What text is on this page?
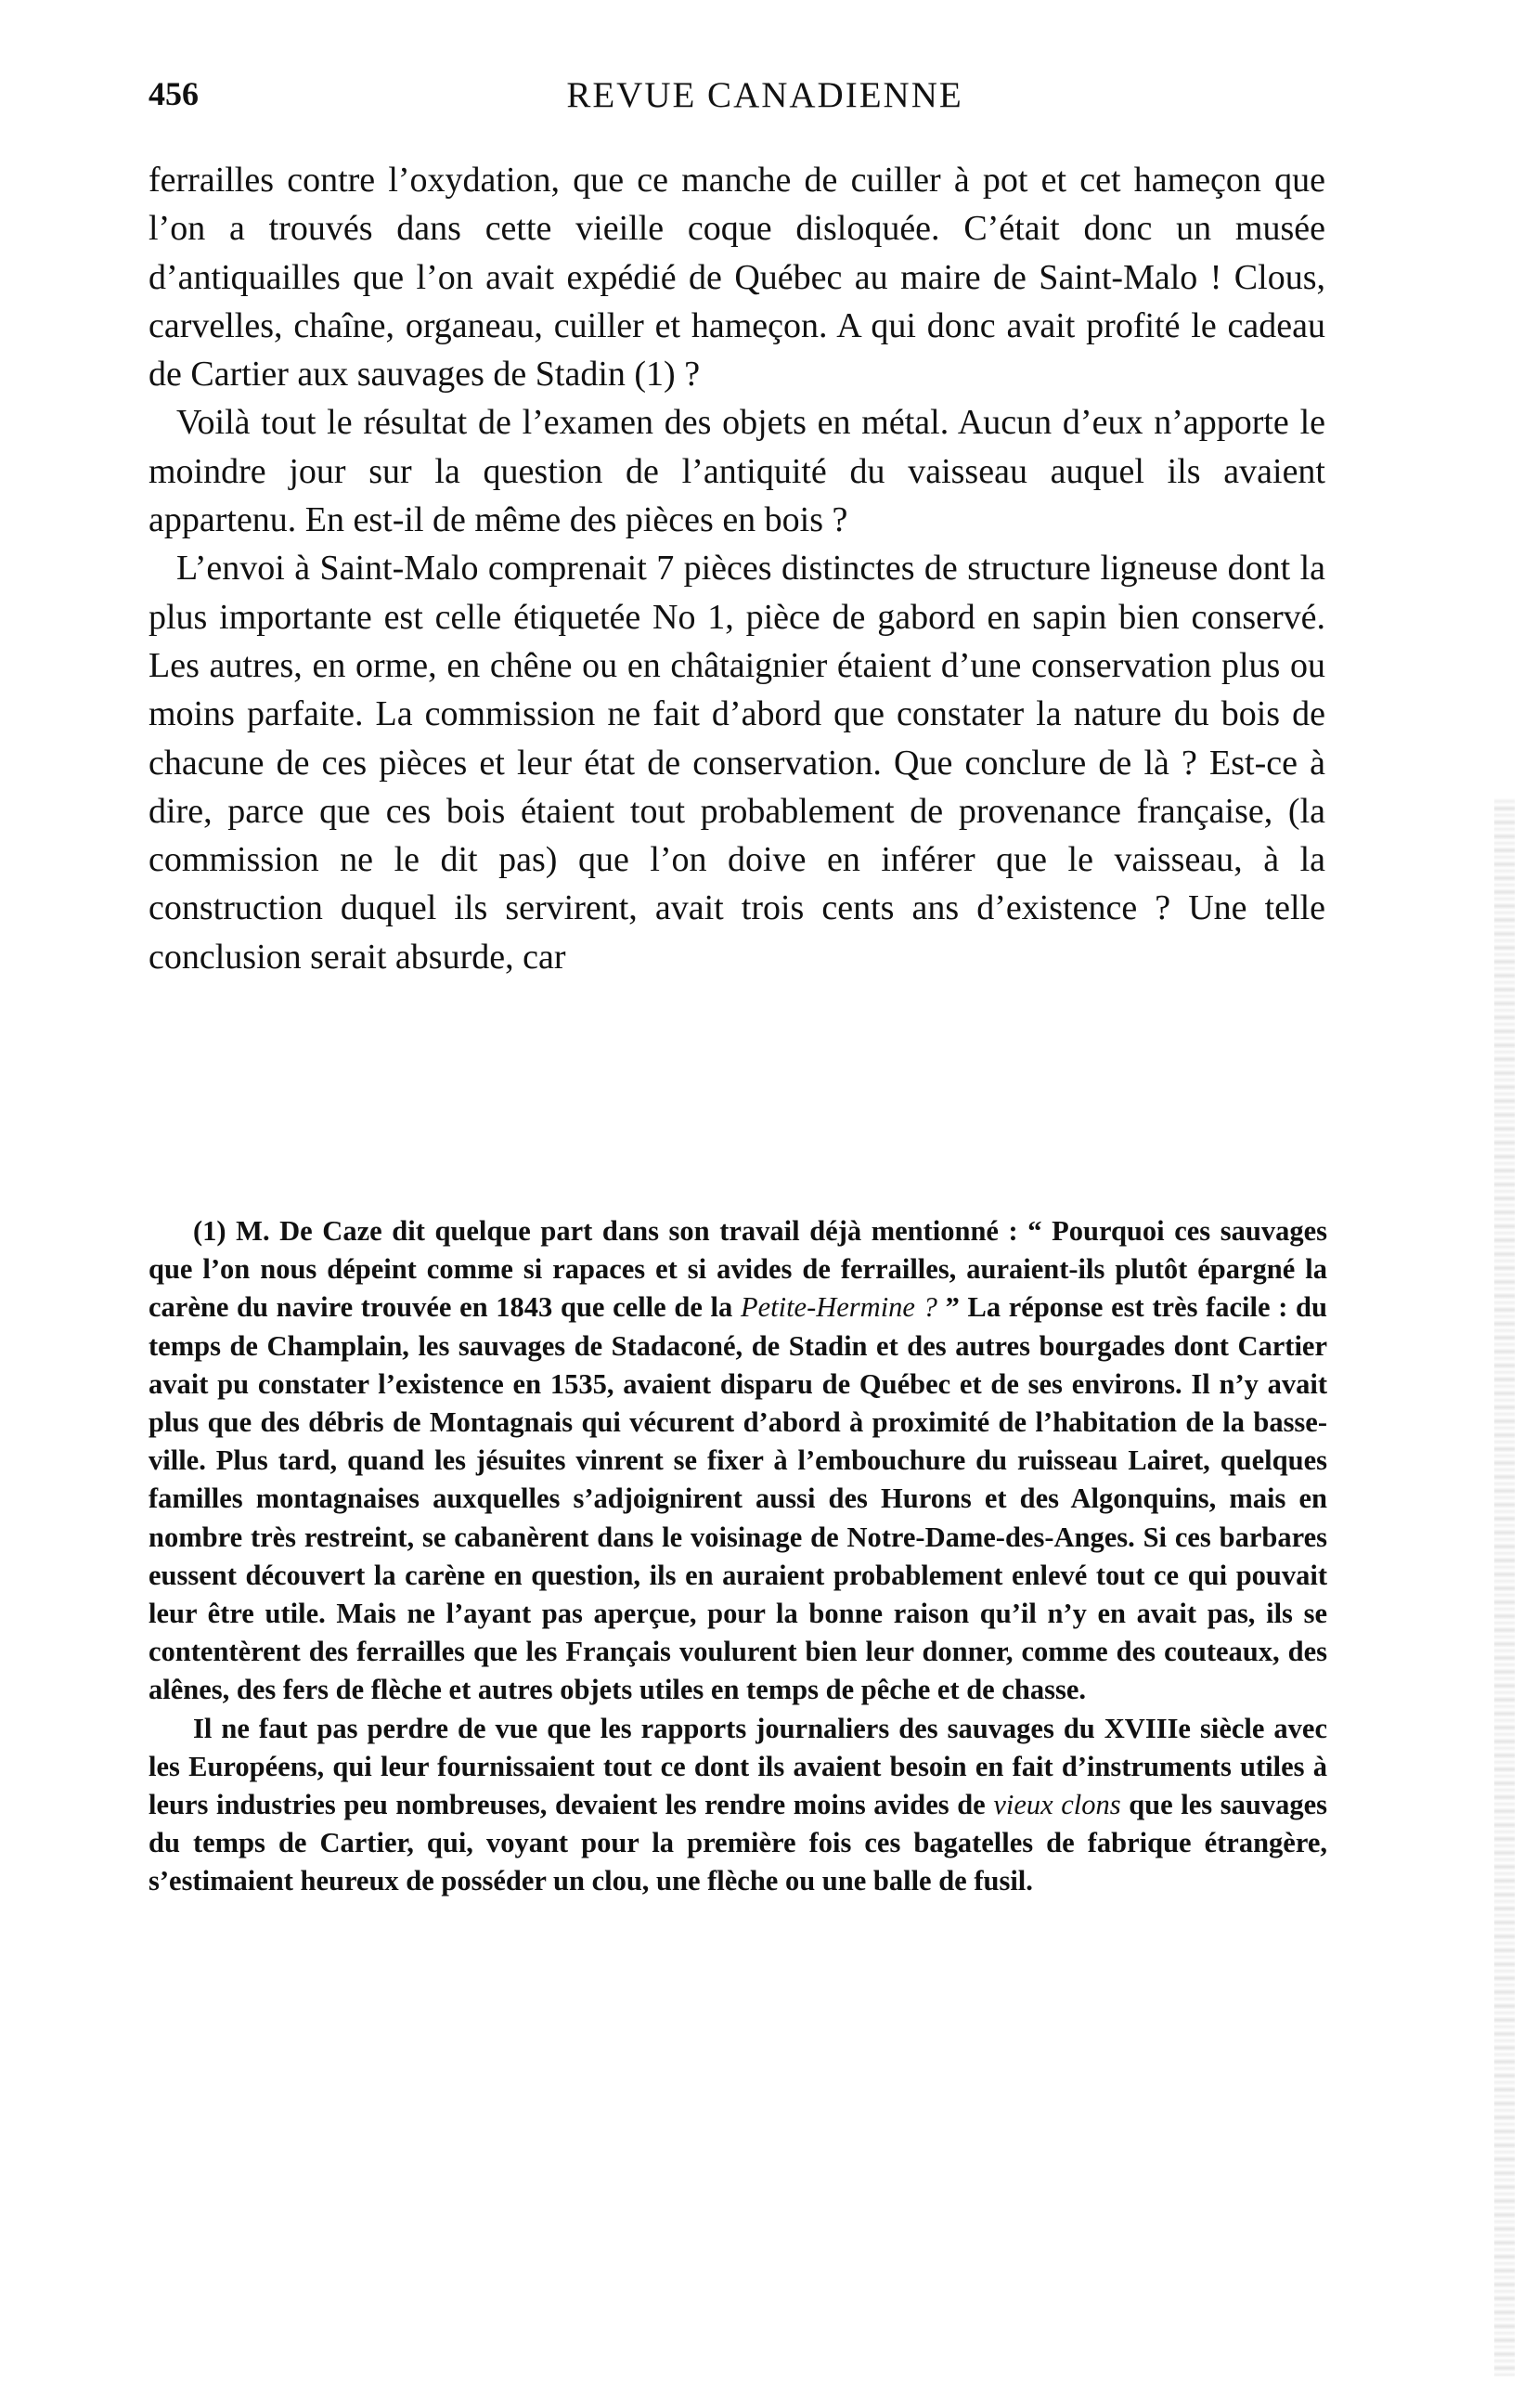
456	REVUE CANADIENNE

ferrailles contre l’oxydation, que ce manche de cuiller à pot et cet hameçon que l’on a trouvés dans cette vieille coque disloquée. C’était donc un musée d’antiquailles que l’on avait expédié de Québec au maire de Saint-Malo ! Clous, carvelles, chaîne, organeau, cuiller et hameçon. A qui donc avait profité le cadeau de Cartier aux sauvages de Stadin (1) ?

Voilà tout le résultat de l’examen des objets en métal. Aucun d’eux n’apporte le moindre jour sur la question de l’antiquité du vaisseau auquel ils avaient appartenu. En est-il de même des pièces en bois ?

L’envoi à Saint-Malo comprenait 7 pièces distinctes de structure ligneuse dont la plus importante est celle étiquetée No 1, pièce de gabord en sapin bien conservé. Les autres, en orme, en chêne ou en châtaignier étaient d’une conservation plus ou moins parfaite. La commission ne fait d’abord que constater la nature du bois de chacune de ces pièces et leur état de conservation. Que conclure de là ? Est-ce à dire, parce que ces bois étaient tout probablement de provenance française, (la commission ne le dit pas) que l’on doive en inférer que le vaisseau, à la construction duquel ils servirent, avait trois cents ans d’existence ? Une telle conclusion serait absurde, car

(1) M. De Caze dit quelque part dans son travail déjà mentionné : “ Pourquoi ces sauvages que l’on nous dépeint comme si rapaces et si avides de ferrailles, auraient-ils plutôt épargné la carène du navire trouvée en 1843 que celle de la Petite-Hermine ? ” La réponse est très facile : du temps de Champlain, les sauvages de Stadaconé, de Stadin et des autres bourgades dont Cartier avait pu constater l’existence en 1535, avaient disparu de Québec et de ses environs. Il n’y avait plus que des débris de Montagnais qui vécurent d’abord à proximité de l’habitation de la basse-ville. Plus tard, quand les jésuites vinrent se fixer à l’embouchure du ruisseau Lairet, quelques familles montagnaises auxquelles s’adjoignirent aussi des Hurons et des Algonquins, mais en nombre très restreint, se cabanèrent dans le voisinage de Notre-Dame-des-Anges. Si ces barbares eussent découvert la carène en question, ils en auraient probablement enlevé tout ce qui pouvait leur être utile. Mais ne l’ayant pas aperçue, pour la bonne raison qu’il n’y en avait pas, ils se contentèrent des ferrailles que les Français voulurent bien leur donner, comme des couteaux, des alênes, des fers de flèche et autres objets utiles en temps de pêche et de chasse.

Il ne faut pas perdre de vue que les rapports journaliers des sauvages du XVIIIe siècle avec les Européens, qui leur fournissaient tout ce dont ils avaient besoin en fait d’instruments utiles à leurs industries peu nombreuses, devaient les rendre moins avides de vieux clons que les sauvages du temps de Cartier, qui, voyant pour la première fois ces bagatelles de fabrique étrangère, s’estimaient heureux de posséder un clou, une flèche ou une balle de fusil.
